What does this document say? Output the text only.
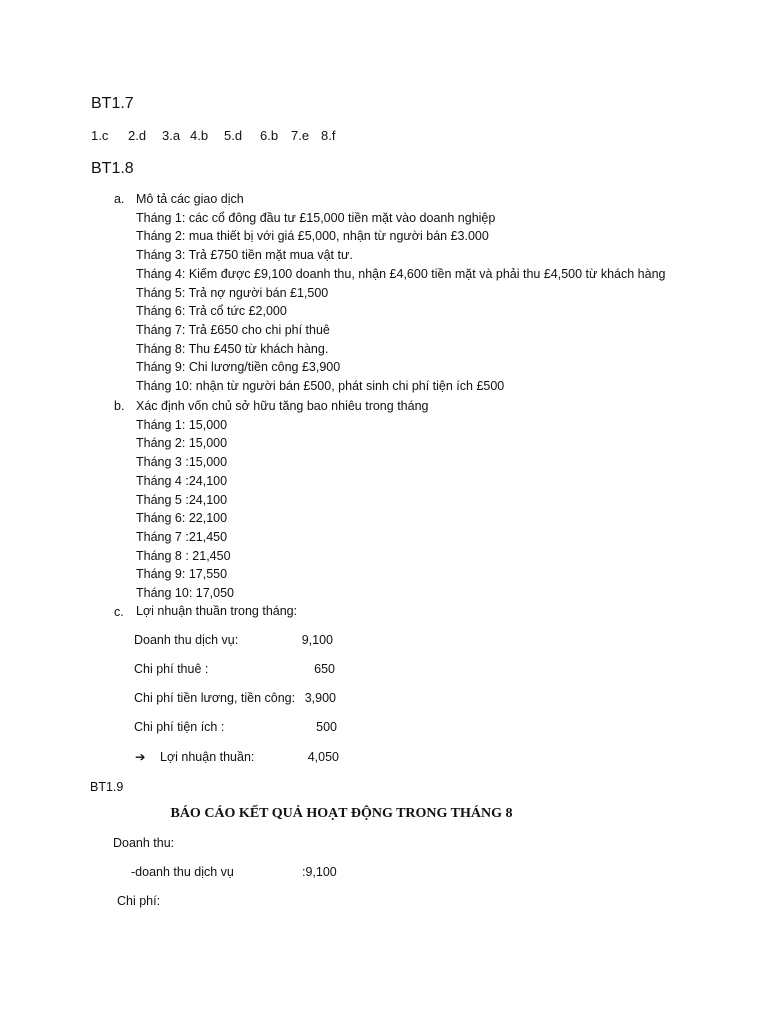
BT1.7
1.c 2.d 3.a 4.b 5.d 6.b 7.e 8.f
BT1.8
a. Mô tả các giao dịch
Tháng 1: các cổ đông đầu tư £15,000 tiền mặt vào doanh nghiệp
Tháng 2: mua thiết bị với giá £5,000, nhận từ người bán £3.000
Tháng 3: Trả £750 tiền mặt mua vật tư.
Tháng 4: Kiếm được £9,100 doanh thu, nhận £4,600 tiền mặt và phải thu £4,500 từ khách hàng
Tháng 5: Trả nợ người bán £1,500
Tháng 6: Trả cổ tức £2,000
Tháng 7: Trả £650 cho chi phí thuê
Tháng 8: Thu £450 từ khách hàng.
Tháng 9: Chi lương/tiền công £3,900
Tháng 10: nhận từ người bán £500, phát sinh chi phí tiện ích £500
b. Xác định vốn chủ sở hữu tăng bao nhiêu trong tháng
Tháng 1: 15,000
Tháng 2: 15,000
Tháng 3 :15,000
Tháng 4 :24,100
Tháng 5 :24,100
Tháng 6: 22,100
Tháng 7 :21,450
Tháng 8 : 21,450
Tháng 9: 17,550
Tháng 10: 17,050
c. Lợi nhuận thuần trong tháng:
Doanh thu dịch vụ:	9,100
Chi phí thuê :	650
Chi phí tiền lương, tiền công: 3,900
Chi phí tiện ích :	500
➔ Lợi nhuận thuần:	4,050
BT1.9
BÁO CÁO KẾT QUẢ HOẠT ĐỘNG TRONG THÁNG 8
Doanh thu:
-doanh thu dịch vụ	:9,100
Chi phí:
